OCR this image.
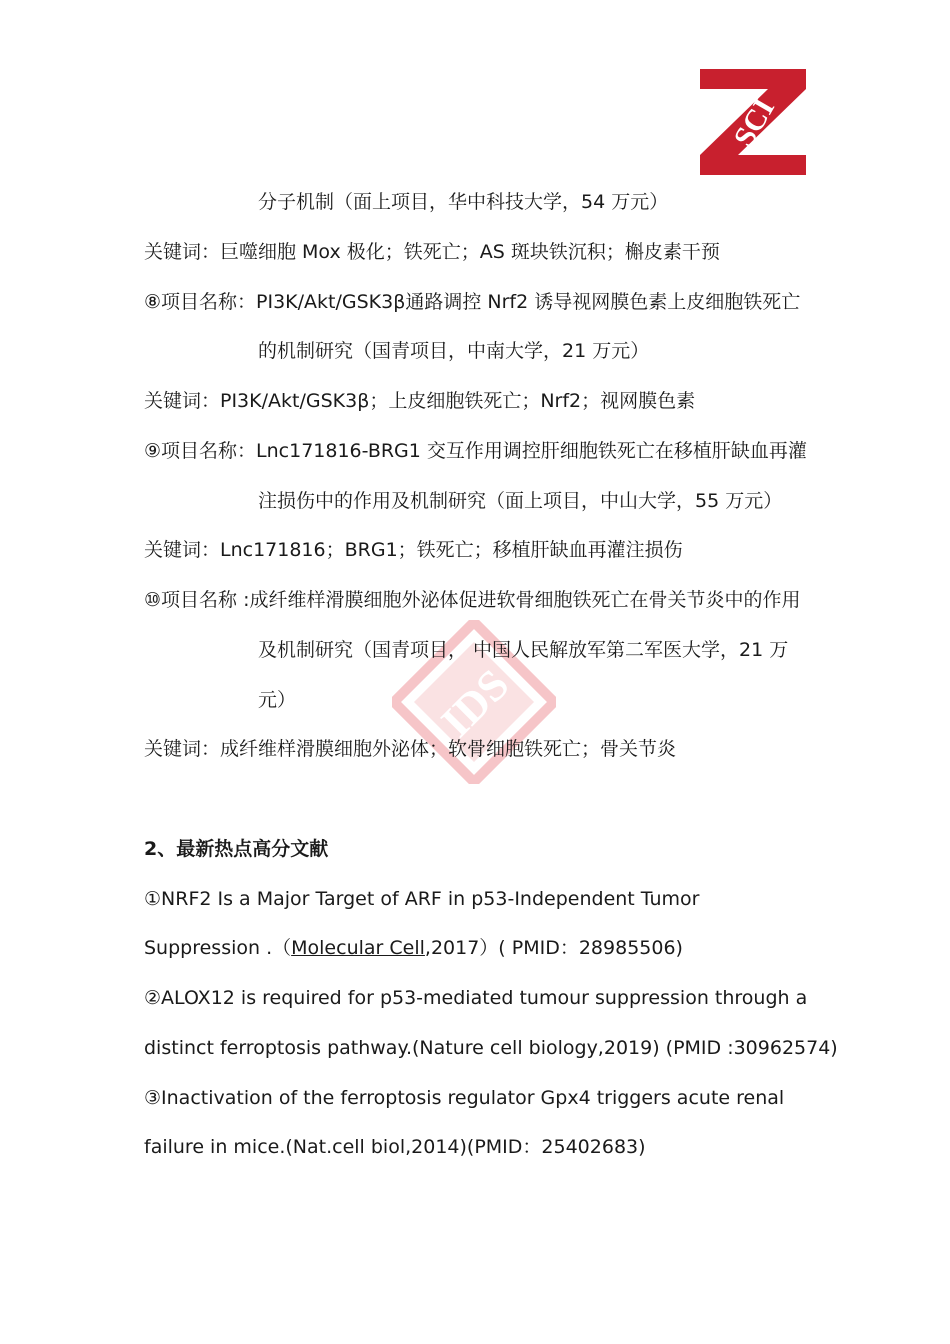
SCI
IDS
分子机制（面上项目，华中科技大学，54 万元）
关键词：巨噬细胞 Mox 极化；铁死亡；AS 斑块铁沉积；槲皮素干预
⑧项目名称：PI3K/Akt/GSK3β通路调控 Nrf2 诱导视网膜色素上皮细胞铁死亡
的机制研究（国青项目，中南大学，21 万元）
关键词：PI3K/Akt/GSK3β；上皮细胞铁死亡；Nrf2；视网膜色素
⑨项目名称：Lnc171816-BRG1 交互作用调控肝细胞铁死亡在移植肝缺血再灌
注损伤中的作用及机制研究（面上项目，中山大学，55 万元）
关键词：Lnc171816；BRG1；铁死亡；移植肝缺血再灌注损伤
⑩项目名称 :成纤维样滑膜细胞外泌体促进软骨细胞铁死亡在骨关节炎中的作用
及机制研究（国青项目， 中国人民解放军第二军医大学，21 万
元）
关键词：成纤维样滑膜细胞外泌体；软骨细胞铁死亡；骨关节炎
2、最新热点高分文献
①NRF2 Is a Major Target of ARF in p53-Independent Tumor
Suppression .（Molecular Cell,2017）( PMID：28985506)
②ALOX12 is required for p53-mediated tumour suppression through a
distinct ferroptosis pathway.(Nature cell biology,2019) (PMID :30962574)
③Inactivation of the ferroptosis regulator Gpx4 triggers acute renal
failure in mice.(Nat.cell biol,2014)(PMID：25402683)
